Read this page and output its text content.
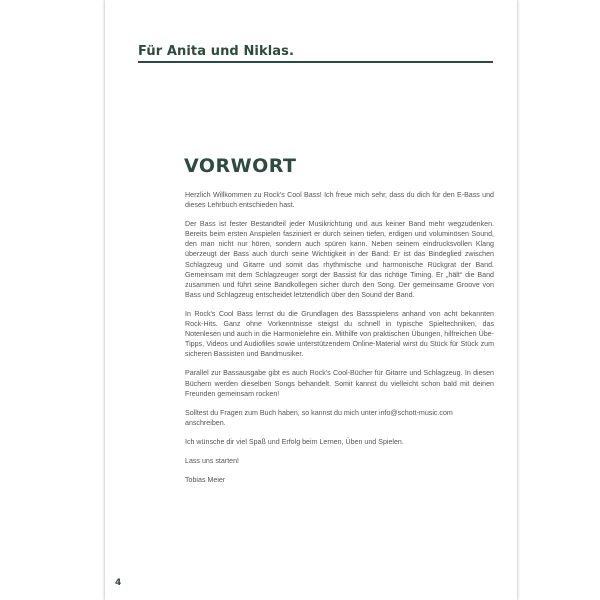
Für Anita und Niklas.
VORWORT

Herzlich Willkommen zu Rock's Cool Bass! Ich freue mich sehr, dass du dich für den E-Bass und dieses Lehrbuch entschieden hast.

Der Bass ist fester Bestandteil jeder Musikrichtung und aus keiner Band mehr wegzudenken. Bereits beim ersten Anspielen fasziniert er durch seinen tiefen, erdigen und voluminösen Sound, den man nicht nur hören, sondern auch spüren kann. Neben seinem eindrucksvollen Klang überzeugt der Bass auch durch seine Wichtigkeit in der Band: Er ist das Bindeglied zwischen Schlagzeug und Gitarre und somit das rhythmische und harmonische Rückgrat der Band. Gemeinsam mit dem Schlagzeuger sorgt der Bassist für das richtige Timing. Er „hält“ die Band zusammen und führt seine Bandkollegen sicher durch den Song. Der gemeinsame Groove von Bass und Schlagzeug entscheidet letztendlich über den Sound der Band.

In Rock's Cool Bass lernst du die Grundlagen des Bassspielens anhand von acht bekannten Rock-Hits. Ganz ohne Vorkenntnisse steigst du schnell in typische Spieltechniken, das Notenlesen und auch in die Harmonielehre ein. Mithilfe von praktischen Übungen, hilfreichen Übe-Tipps, Videos und Audiofiles sowie unterstützendem Online-Material wirst du Stück für Stück zum sicheren Bassisten und Bandmusiker.

Parallel zur Bassausgabe gibt es auch Rock's Cool-Bücher für Gitarre und Schlagzeug. In diesen Büchern werden dieselben Songs behandelt. Somit kannst du vielleicht schon bald mit deinen Freunden gemeinsam rocken!

Solltest du Fragen zum Buch haben, so kannst du mich unter info@schott-music.com anschreiben.

Ich wünsche dir viel Spaß und Erfolg beim Lernen, Üben und Spielen.

Lass uns starten!

Tobias Meier

4
